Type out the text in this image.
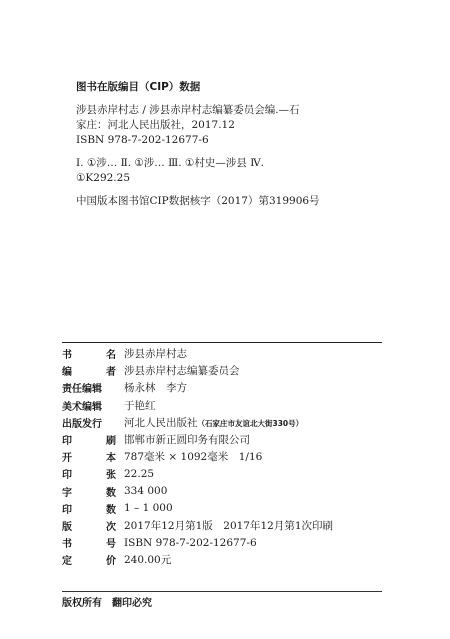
图书在版编目（CIP）数据
涉县赤岸村志 / 涉县赤岸村志编纂委员会编.—石
家庄：河北人民出版社，2017.12
ISBN 978-7-202-12677-6
Ⅰ. ①涉… Ⅱ. ①涉… Ⅲ. ①村史—涉县 Ⅳ.
①K292.25
中国版本图书馆CIP数据核字（2017）第319906号
书	名 涉县赤岸村志
编	者 涉县赤岸村志编纂委员会
责任编辑	杨永林　李方
美术编辑	于艳红
出版发行	河北人民出版社（石家庄市友谊北大街330号）
印	刷 邯郸市新正圆印务有限公司
开	本 787毫米 × 1092毫米　1/16
印	张 22.25
字	数 334 000
印	数 1 – 1 000
版	次 2017年12月第1版　2017年12月第1次印刷
书	号 ISBN 978-7-202-12677-6
定	价 240.00元
版权所有　翻印必究
